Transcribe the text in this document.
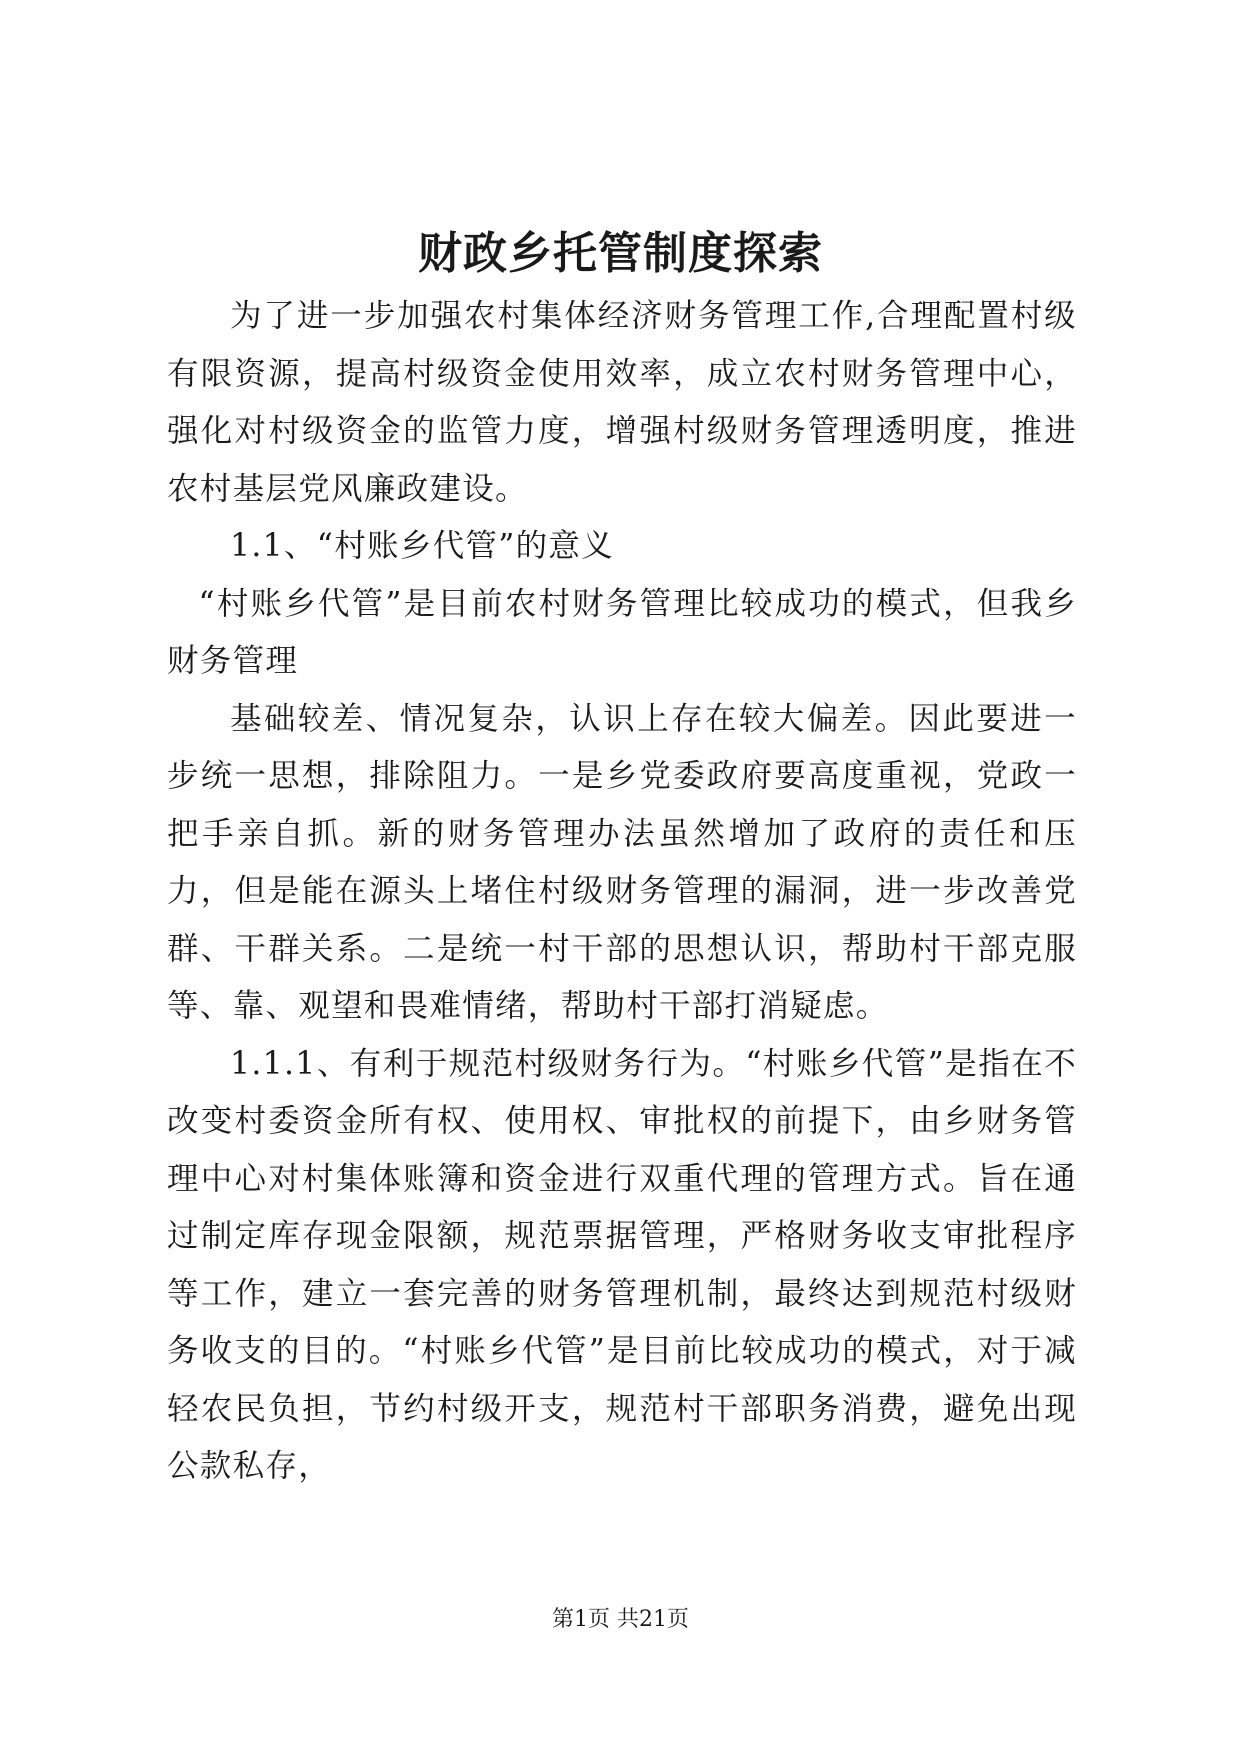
财政乡托管制度探索

为了进一步加强农村集体经济财务管理工作,合理配置村级有限资源，提高村级资金使用效率，成立农村财务管理中心，强化对村级资金的监管力度，增强村级财务管理透明度，推进农村基层党风廉政建设。

1.1、“村账乡代管”的意义

“村账乡代管”是目前农村财务管理比较成功的模式，但我乡财务管理

基础较差、情况复杂，认识上存在较大偏差。因此要进一步统一思想，排除阻力。一是乡党委政府要高度重视，党政一把手亲自抓。新的财务管理办法虽然增加了政府的责任和压力，但是能在源头上堵住村级财务管理的漏洞，进一步改善党群、干群关系。二是统一村干部的思想认识，帮助村干部克服等、靠、观望和畏难情绪，帮助村干部打消疑虑。

1.1.1、有利于规范村级财务行为。“村账乡代管”是指在不改变村委资金所有权、使用权、审批权的前提下，由乡财务管理中心对村集体账簿和资金进行双重代理的管理方式。旨在通过制定库存现金限额，规范票据管理，严格财务收支审批程序等工作，建立一套完善的财务管理机制，最终达到规范村级财务收支的目的。“村账乡代管”是目前比较成功的模式，对于减轻农民负担，节约村级开支，规范村干部职务消费，避免出现公款私存，

第1页 共21页
